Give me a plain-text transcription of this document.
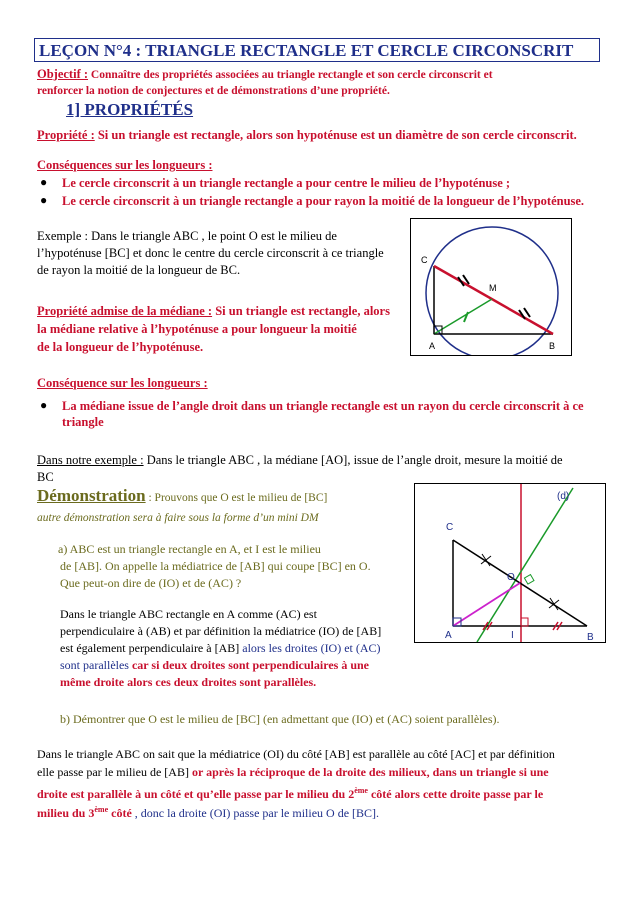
LEÇON N°4 : TRIANGLE RECTANGLE ET CERCLE CIRCONSCRIT
Objectif : Connaître des propriétés associées au triangle rectangle et son cercle circonscrit et
renforcer la notion de conjectures et de démonstrations d’une propriété.
1] PROPRIÉTÉS
Propriété : Si un triangle est rectangle, alors son hypoténuse est un diamètre de son cercle circonscrit.
Conséquences sur les longueurs :
● Le cercle circonscrit à un triangle rectangle a pour centre le milieu de l’hypoténuse ;
● Le cercle circonscrit à un triangle rectangle a pour rayon la moitié de la longueur de l’hypoténuse.
Exemple : Dans le triangle ABC , le point O est le milieu de
l’hypoténuse [BC] et donc le centre du cercle circonscrit à ce triangle
de rayon la moitié de la longueur de BC.
C
M
A	B
Propriété admise de la médiane : Si un triangle est rectangle, alors
la médiane relative à l’hypoténuse a pour longueur la moitié
de la longueur de l’hypoténuse.
Conséquence sur les longueurs :
● La médiane issue de l’angle droit dans un triangle rectangle est un rayon du cercle circonscrit à ce
triangle
Dans notre exemple : Dans le triangle ABC , la médiane [AO], issue de l’angle droit, mesure la moitié de
BC
Démonstration : Prouvons que O est le milieu de [BC]
autre démonstration sera à faire sous la forme d’un mini DM
a) ABC est un triangle rectangle en A, et I est le milieu
de [AB]. On appelle la médiatrice de [AB] qui coupe [BC] en O.
Que peut-on dire de (IO) et de (AC) ?
Dans le triangle ABC rectangle en A comme (AC) est
perpendiculaire à (AB) et par définition la médiatrice (IO) de [AB]
est également perpendiculaire à [AB] alors les droites (IO) et (AC)
sont parallèles car si deux droites sont perpendiculaires à une
même droite alors ces deux droites sont parallèles.
(d)
C
O
A	I	B
b) Démontrer que O est le milieu de [BC] (en admettant que (IO) et (AC) soient parallèles).
Dans le triangle ABC on sait que la médiatrice (OI) du côté [AB] est parallèle au côté [AC] et par définition
elle passe par le milieu de [AB] or après la réciproque de la droite des milieux, dans un triangle si une
droite est parallèle à un côté et qu’elle passe par le milieu du 2ème côté alors cette droite passe par le
milieu du 3ème côté , donc la droite (OI) passe par le milieu O de [BC].
